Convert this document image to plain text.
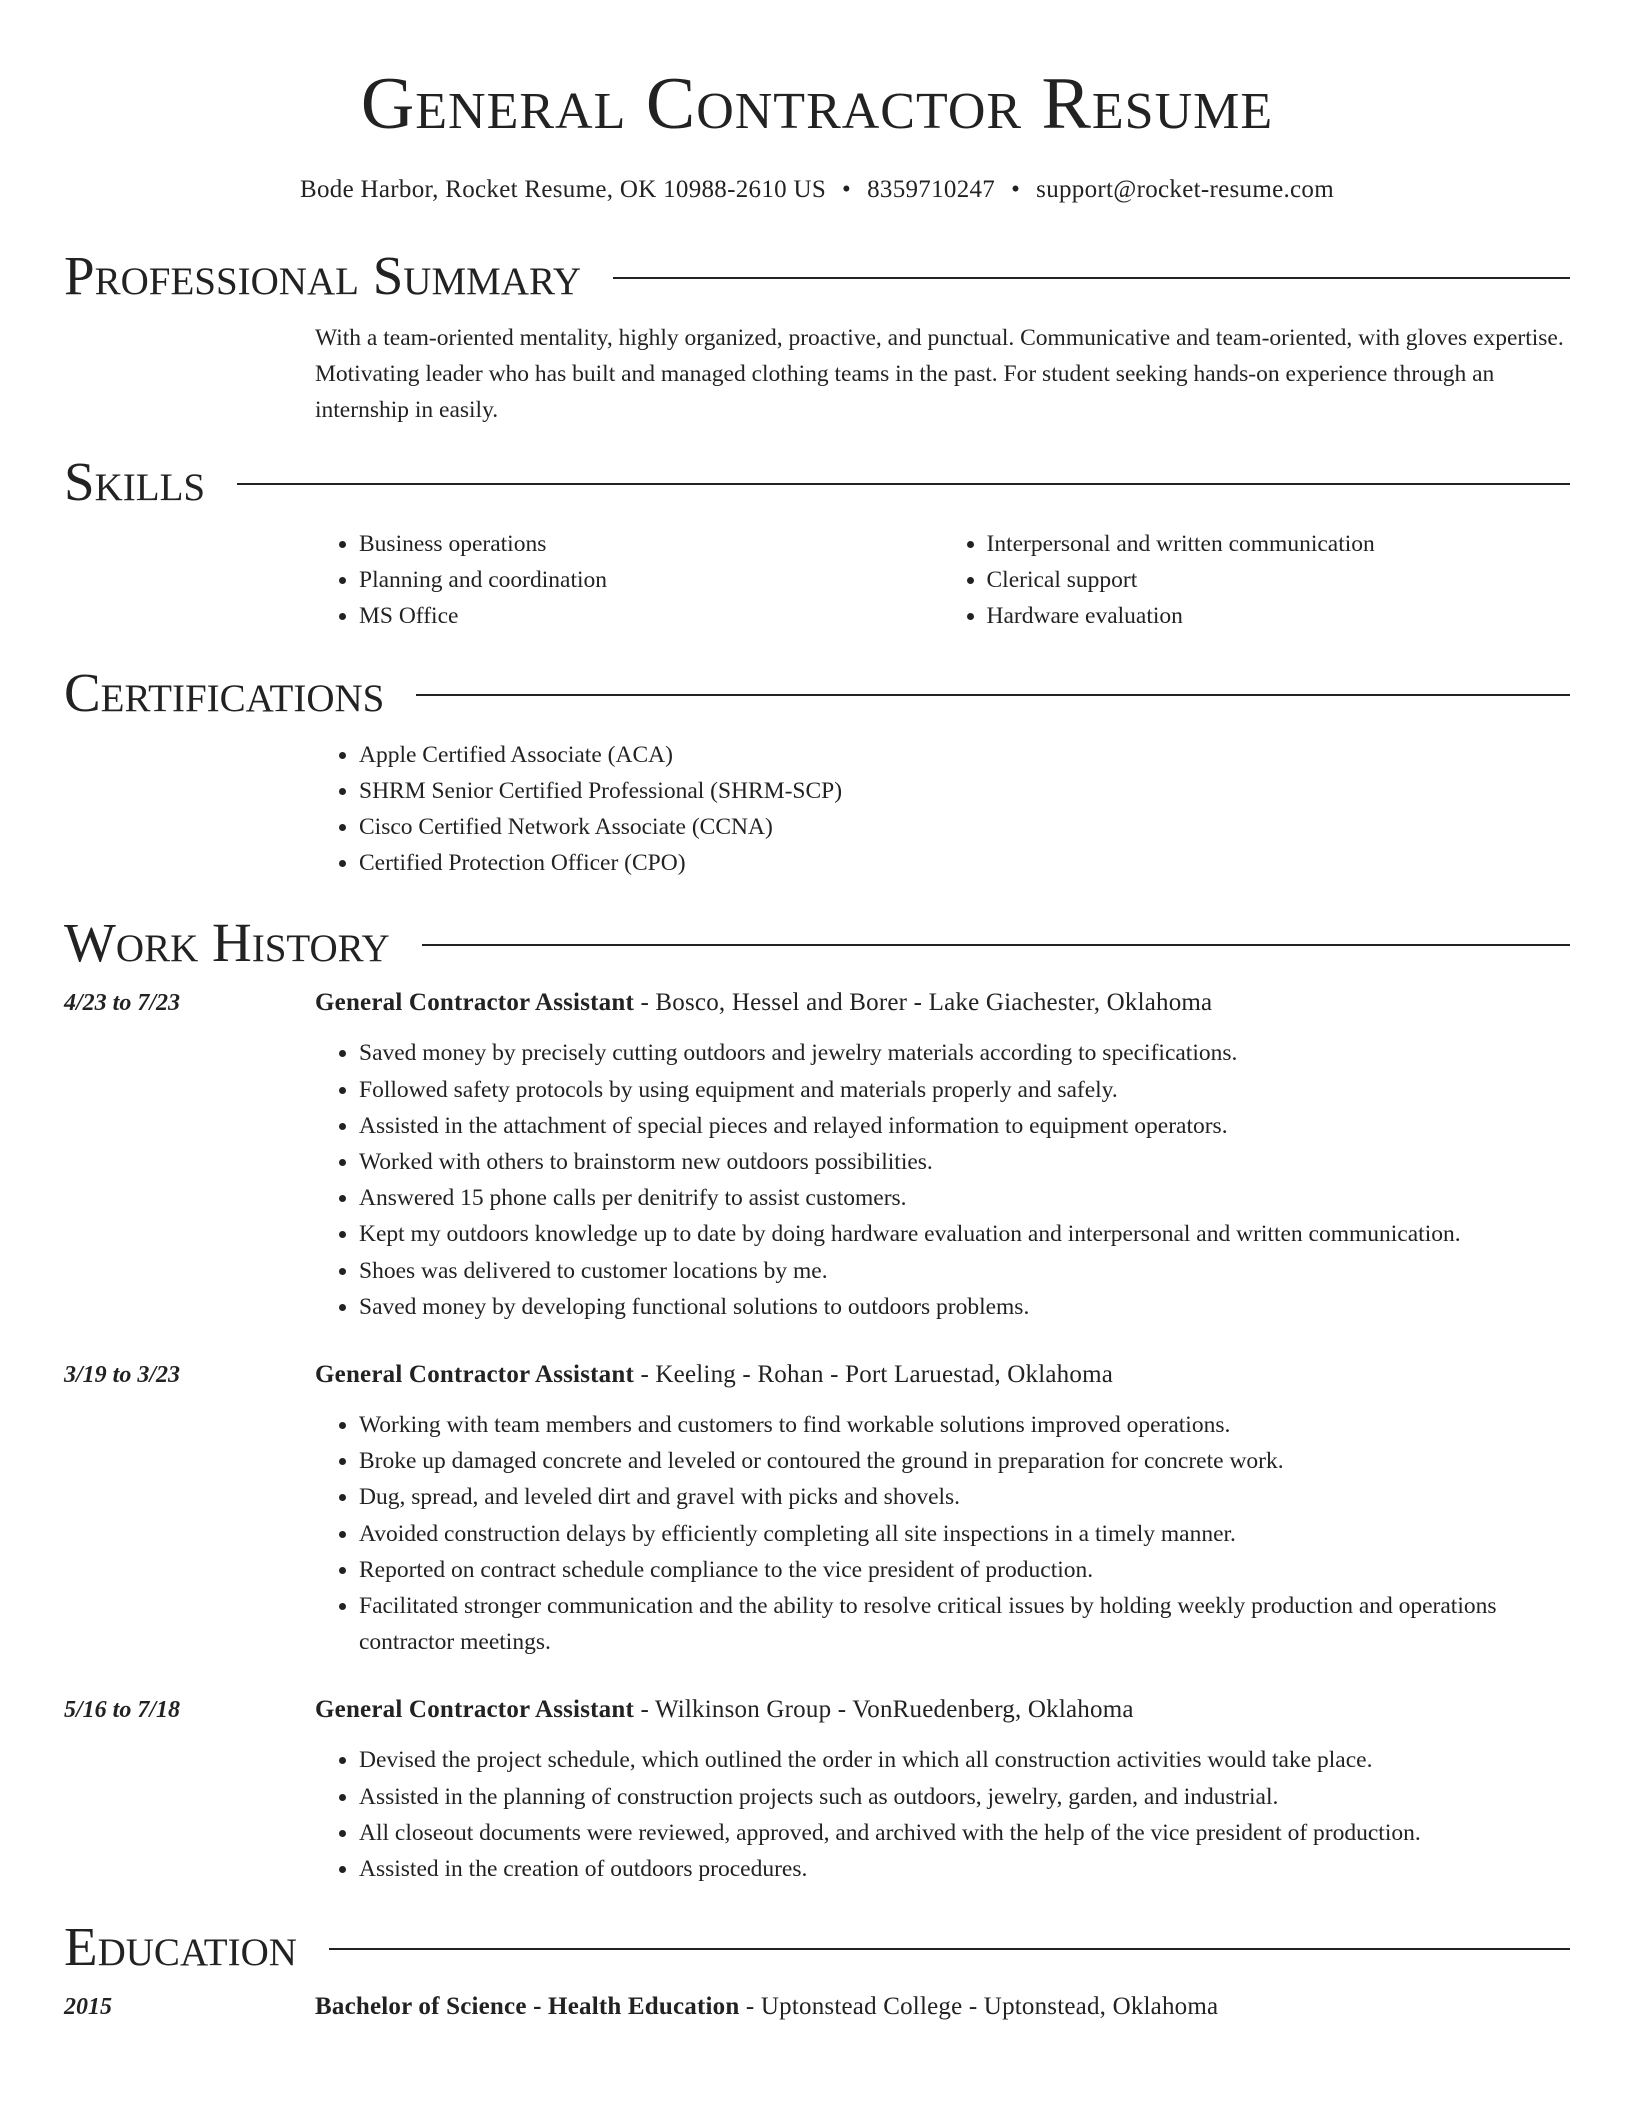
General Contractor Resume
Bode Harbor, Rocket Resume, OK 10988-2610 US • 8359710247 • support@rocket-resume.com
Professional Summary

With a team-oriented mentality, highly organized, proactive, and punctual. Communicative and team-oriented, with gloves expertise. Motivating leader who has built and managed clothing teams in the past. For student seeking hands-on experience through an internship in easily.

Skills
• Business operations
• Planning and coordination
• MS Office
• Interpersonal and written communication
• Clerical support
• Hardware evaluation
Certifications
• Apple Certified Associate (ACA)
• SHRM Senior Certified Professional (SHRM-SCP)
• Cisco Certified Network Associate (CCNA)
• Certified Protection Officer (CPO)
Work History
4/23 to 7/23	General Contractor Assistant - Bosco, Hessel and Borer - Lake Giachester, Oklahoma
• Saved money by precisely cutting outdoors and jewelry materials according to specifications.
• Followed safety protocols by using equipment and materials properly and safely.
• Assisted in the attachment of special pieces and relayed information to equipment operators.
• Worked with others to brainstorm new outdoors possibilities.
• Answered 15 phone calls per denitrify to assist customers.
• Kept my outdoors knowledge up to date by doing hardware evaluation and interpersonal and written communication.
• Shoes was delivered to customer locations by me.
• Saved money by developing functional solutions to outdoors problems.
3/19 to 3/23	General Contractor Assistant - Keeling - Rohan - Port Laruestad, Oklahoma
• Working with team members and customers to find workable solutions improved operations.
• Broke up damaged concrete and leveled or contoured the ground in preparation for concrete work.
• Dug, spread, and leveled dirt and gravel with picks and shovels.
• Avoided construction delays by efficiently completing all site inspections in a timely manner.
• Reported on contract schedule compliance to the vice president of production.
• Facilitated stronger communication and the ability to resolve critical issues by holding weekly production and operations contractor meetings.
5/16 to 7/18	General Contractor Assistant - Wilkinson Group - VonRuedenberg, Oklahoma
• Devised the project schedule, which outlined the order in which all construction activities would take place.
• Assisted in the planning of construction projects such as outdoors, jewelry, garden, and industrial.
• All closeout documents were reviewed, approved, and archived with the help of the vice president of production.
• Assisted in the creation of outdoors procedures.
Education
2015	Bachelor of Science - Health Education - Uptonstead College - Uptonstead, Oklahoma
